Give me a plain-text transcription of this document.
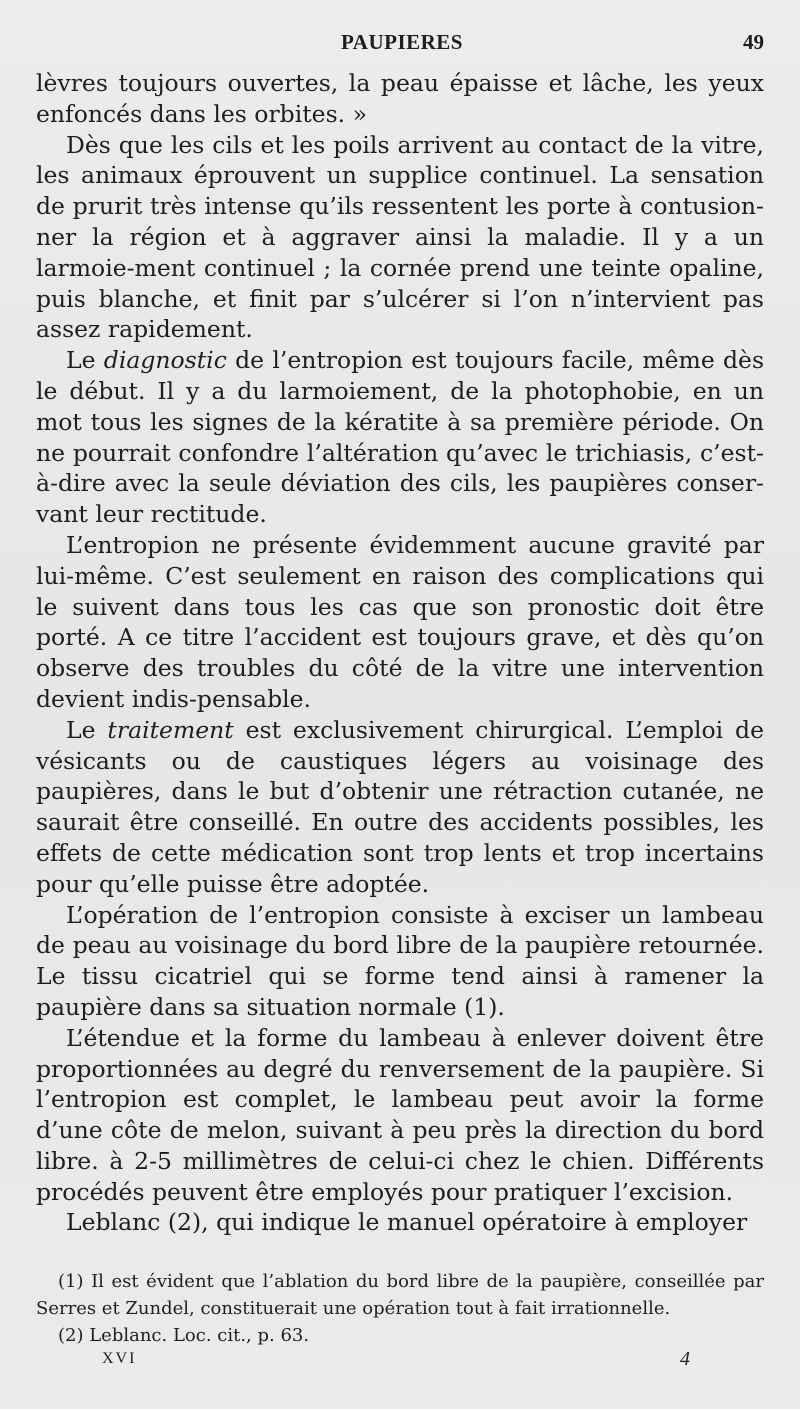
PAUPIERES	49

lèvres toujours ouvertes, la peau épaisse et lâche, les yeux enfoncés dans les orbites. »

Dès que les cils et les poils arrivent au contact de la vitre, les animaux éprouvent un supplice continuel. La sensation de prurit très intense qu’ils ressentent les porte à contusion-ner la région et à aggraver ainsi la maladie. Il y a un larmoie-ment continuel ; la cornée prend une teinte opaline, puis blanche, et finit par s’ulcérer si l’on n’intervient pas assez rapidement.

Le diagnostic de l’entropion est toujours facile, même dès le début. Il y a du larmoiement, de la photophobie, en un mot tous les signes de la kératite à sa première période. On ne pourrait confondre l’altération qu’avec le trichiasis, c’est-à-dire avec la seule déviation des cils, les paupières conser-vant leur rectitude.

L’entropion ne présente évidemment aucune gravité par lui-même. C’est seulement en raison des complications qui le suivent dans tous les cas que son pronostic doit être porté. A ce titre l’accident est toujours grave, et dès qu’on observe des troubles du côté de la vitre une intervention devient indis-pensable.

Le traitement est exclusivement chirurgical. L’emploi de vésicants ou de caustiques légers au voisinage des paupières, dans le but d’obtenir une rétraction cutanée, ne saurait être conseillé. En outre des accidents possibles, les effets de cette médication sont trop lents et trop incertains pour qu’elle puisse être adoptée.

L’opération de l’entropion consiste à exciser un lambeau de peau au voisinage du bord libre de la paupière retournée. Le tissu cicatriel qui se forme tend ainsi à ramener la paupière dans sa situation normale (1).

L’étendue et la forme du lambeau à enlever doivent être proportionnées au degré du renversement de la paupière. Si l’entropion est complet, le lambeau peut avoir la forme d’une côte de melon, suivant à peu près la direction du bord libre. à 2-5 millimètres de celui-ci chez le chien. Différents procédés peuvent être employés pour pratiquer l’excision.

Leblanc (2), qui indique le manuel opératoire à employer

(1) Il est évident que l’ablation du bord libre de la paupière, conseillée par Serres et Zundel, constituerait une opération tout à fait irrationnelle.

(2) Leblanc. Loc. cit., p. 63.

XVI	4
